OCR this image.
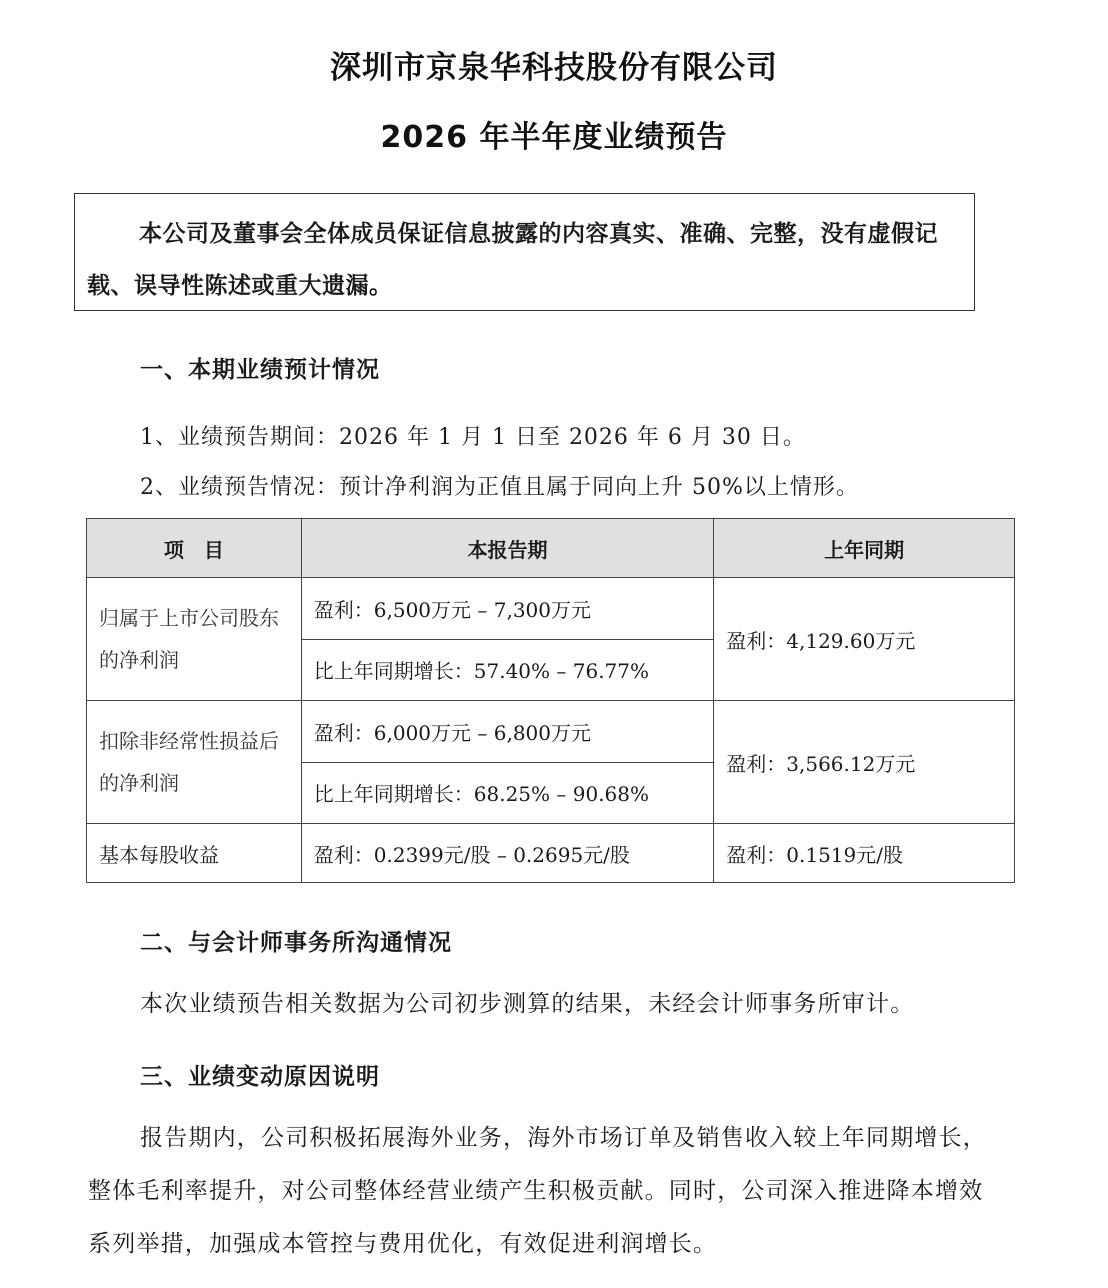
深圳市京泉华科技股份有限公司
2026 年半年度业绩预告
本公司及董事会全体成员保证信息披露的内容真实、准确、完整，没有虚假记载、误导性陈述或重大遗漏。
一、本期业绩预计情况
1、业绩预告期间：2026 年 1 月 1 日至 2026 年 6 月 30 日。
2、业绩预告情况：预计净利润为正值且属于同向上升 50%以上情形。
项　目	本报告期	上年同期
归属于上市公司股东的净利润	盈利：6,500万元 – 7,300万元	盈利：4,129.60万元
	比上年同期增长：57.40% – 76.77%	
扣除非经常性损益后的净利润	盈利：6,000万元 – 6,800万元	盈利：3,566.12万元
	比上年同期增长：68.25% – 90.68%	
基本每股收益	盈利：0.2399元/股 – 0.2695元/股	盈利：0.1519元/股
二、与会计师事务所沟通情况
本次业绩预告相关数据为公司初步测算的结果，未经会计师事务所审计。
三、业绩变动原因说明
报告期内，公司积极拓展海外业务，海外市场订单及销售收入较上年同期增长，整体毛利率提升，对公司整体经营业绩产生积极贡献。同时，公司深入推进降本增效系列举措，加强成本管控与费用优化，有效促进利润增长。
